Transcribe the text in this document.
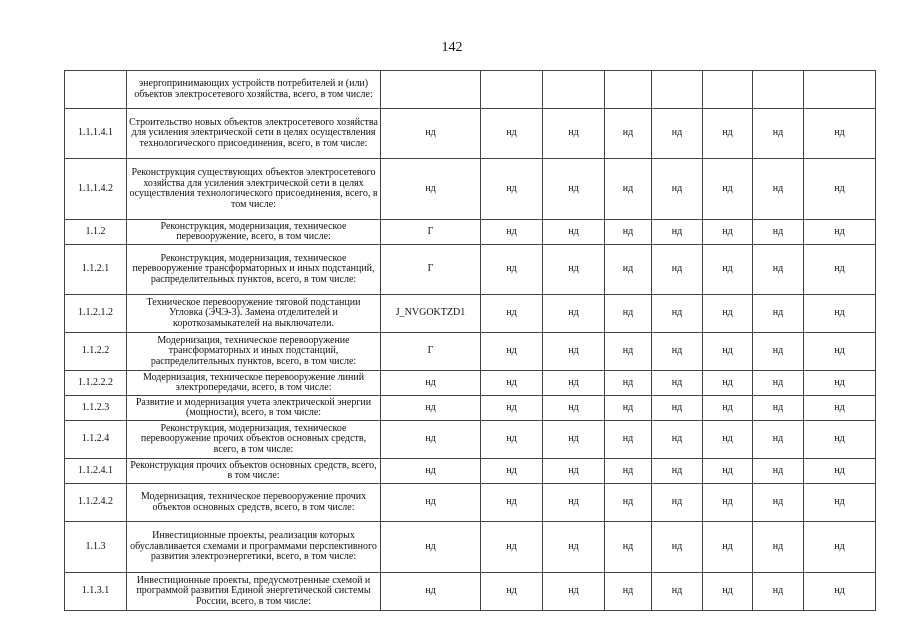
142
	энергопринимающих устройств потребителей и (или) объектов электросетевого хозяйства, всего, в том числе:									
1.1.1.4.1	Строительство новых объектов электросетевого хозяйства для усиления электрической сети в целях осуществления технологического присоединения, всего, в том числе:	нд	нд	нд	нд	нд	нд	нд	нд	
1.1.1.4.2	Реконструкция существующих объектов электросетевого хозяйства для усиления электрической сети в целях осуществления технологического присоединения, всего, в том числе:	нд	нд	нд	нд	нд	нд	нд	нд	
1.1.2	Реконструкция, модернизация, техническое перевооружение, всего, в том числе:	Г	нд	нд	нд	нд	нд	нд	нд	
1.1.2.1	Реконструкция, модернизация, техническое перевооружение трансформаторных и иных подстанций, распределительных пунктов, всего, в том числе:	Г	нд	нд	нд	нд	нд	нд	нд	
1.1.2.1.2	Техническое перевооружение тяговой подстанции Угловка (ЭЧЭ-3). Замена отделителей и короткозамыкателей на выключатели.	J_NVGOKTZD1	нд	нд	нд	нд	нд	нд	нд	
1.1.2.2	Модернизация, техническое перевооружение трансформаторных и иных подстанций, распределительных пунктов, всего, в том числе:	Г	нд	нд	нд	нд	нд	нд	нд	
1.1.2.2.2	Модернизация, техническое перевооружение линий электропередачи, всего, в том числе:	нд	нд	нд	нд	нд	нд	нд	нд	
1.1.2.3	Развитие и модернизация учета электрической энергии (мощности), всего, в том числе:	нд	нд	нд	нд	нд	нд	нд	нд	
1.1.2.4	Реконструкция, модернизация, техническое перевооружение прочих объектов основных средств, всего, в том числе:	нд	нд	нд	нд	нд	нд	нд	нд	
1.1.2.4.1	Реконструкция прочих объектов основных средств, всего, в том числе:	нд	нд	нд	нд	нд	нд	нд	нд	
1.1.2.4.2	Модернизация, техническое перевооружение прочих объектов основных средств, всего, в том числе:	нд	нд	нд	нд	нд	нд	нд	нд	
1.1.3	Инвестиционные проекты, реализация которых обуславливается схемами и программами перспективного развития электроэнергетики, всего, в том числе:	нд	нд	нд	нд	нд	нд	нд	нд	
1.1.3.1	Инвестиционные проекты, предусмотренные схемой и программой развития Единой энергетической системы России, всего, в том числе:	нд	нд	нд	нд	нд	нд	нд	нд	
